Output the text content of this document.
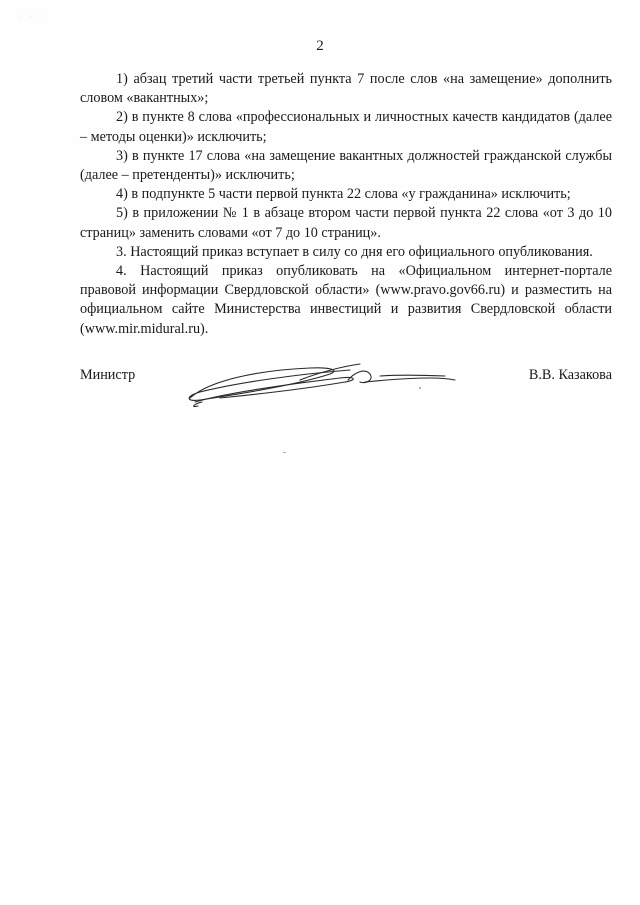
· · ·
2

1) абзац третий части третьей пункта 7 после слов «на замещение» дополнить словом «вакантных»;

2) в пункте 8 слова «профессиональных и личностных качеств кандидатов (далее – методы оценки)» исключить;

3) в пункте 17 слова «на замещение вакантных должностей гражданской службы (далее – претенденты)» исключить;

4) в подпункте 5 части первой пункта 22 слова «у гражданина» исключить;

5) в приложении № 1 в абзаце втором части первой пункта 22 слова «от 3 до 10 страниц» заменить словами «от 7 до 10 страниц».

3. Настоящий приказ вступает в силу со дня его официального опубликования.

4. Настоящий приказ опубликовать на «Официальном интернет-портале правовой информации Свердловской области» (www.pravo.gov66.ru) и разместить на официальном сайте Министерства инвестиций и развития Свердловской области (www.mir.midural.ru).

Министр	В.В. Казакова
